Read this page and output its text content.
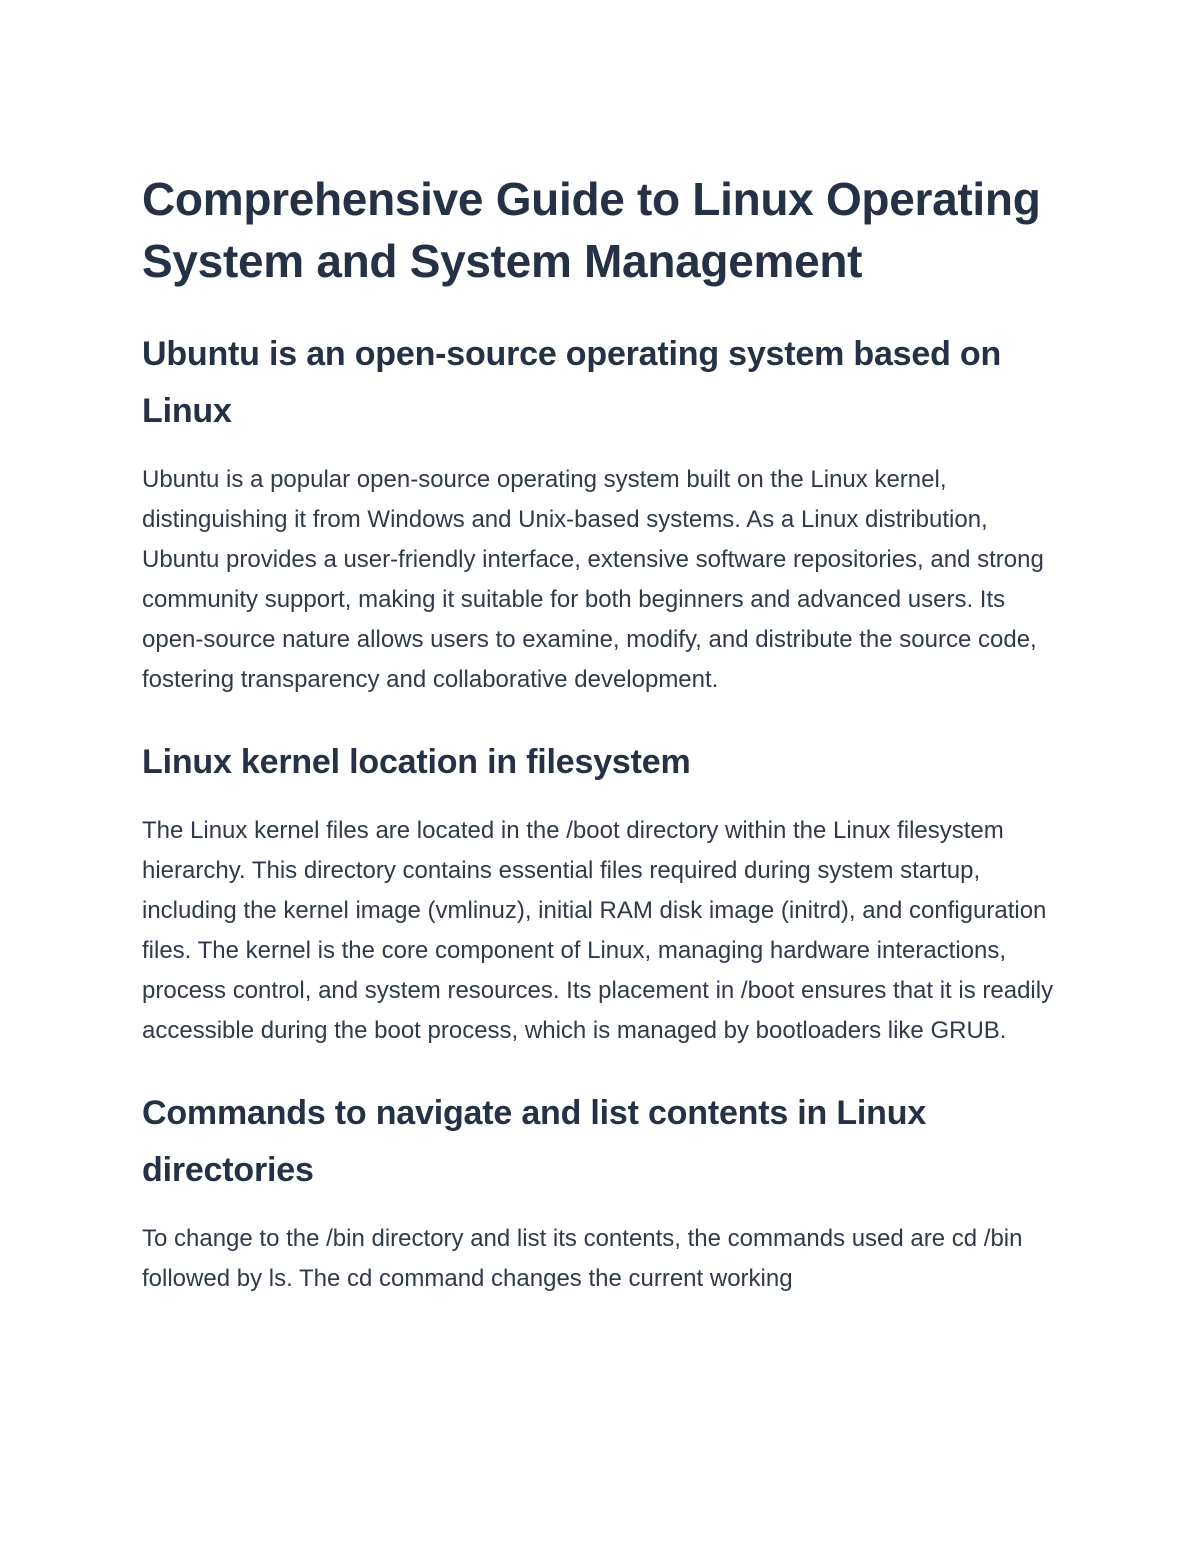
Comprehensive Guide to Linux Operating System and System Management
Ubuntu is an open-source operating system based on Linux

Ubuntu is a popular open-source operating system built on the Linux kernel, distinguishing it from Windows and Unix-based systems. As a Linux distribution, Ubuntu provides a user-friendly interface, extensive software repositories, and strong community support, making it suitable for both beginners and advanced users. Its open-source nature allows users to examine, modify, and distribute the source code, fostering transparency and collaborative development.

Linux kernel location in filesystem

The Linux kernel files are located in the /boot directory within the Linux filesystem hierarchy. This directory contains essential files required during system startup, including the kernel image (vmlinuz), initial RAM disk image (initrd), and configuration files. The kernel is the core component of Linux, managing hardware interactions, process control, and system resources. Its placement in /boot ensures that it is readily accessible during the boot process, which is managed by bootloaders like GRUB.

Commands to navigate and list contents in Linux directories

To change to the /bin directory and list its contents, the commands used are cd /bin followed by ls. The cd command changes the current working
